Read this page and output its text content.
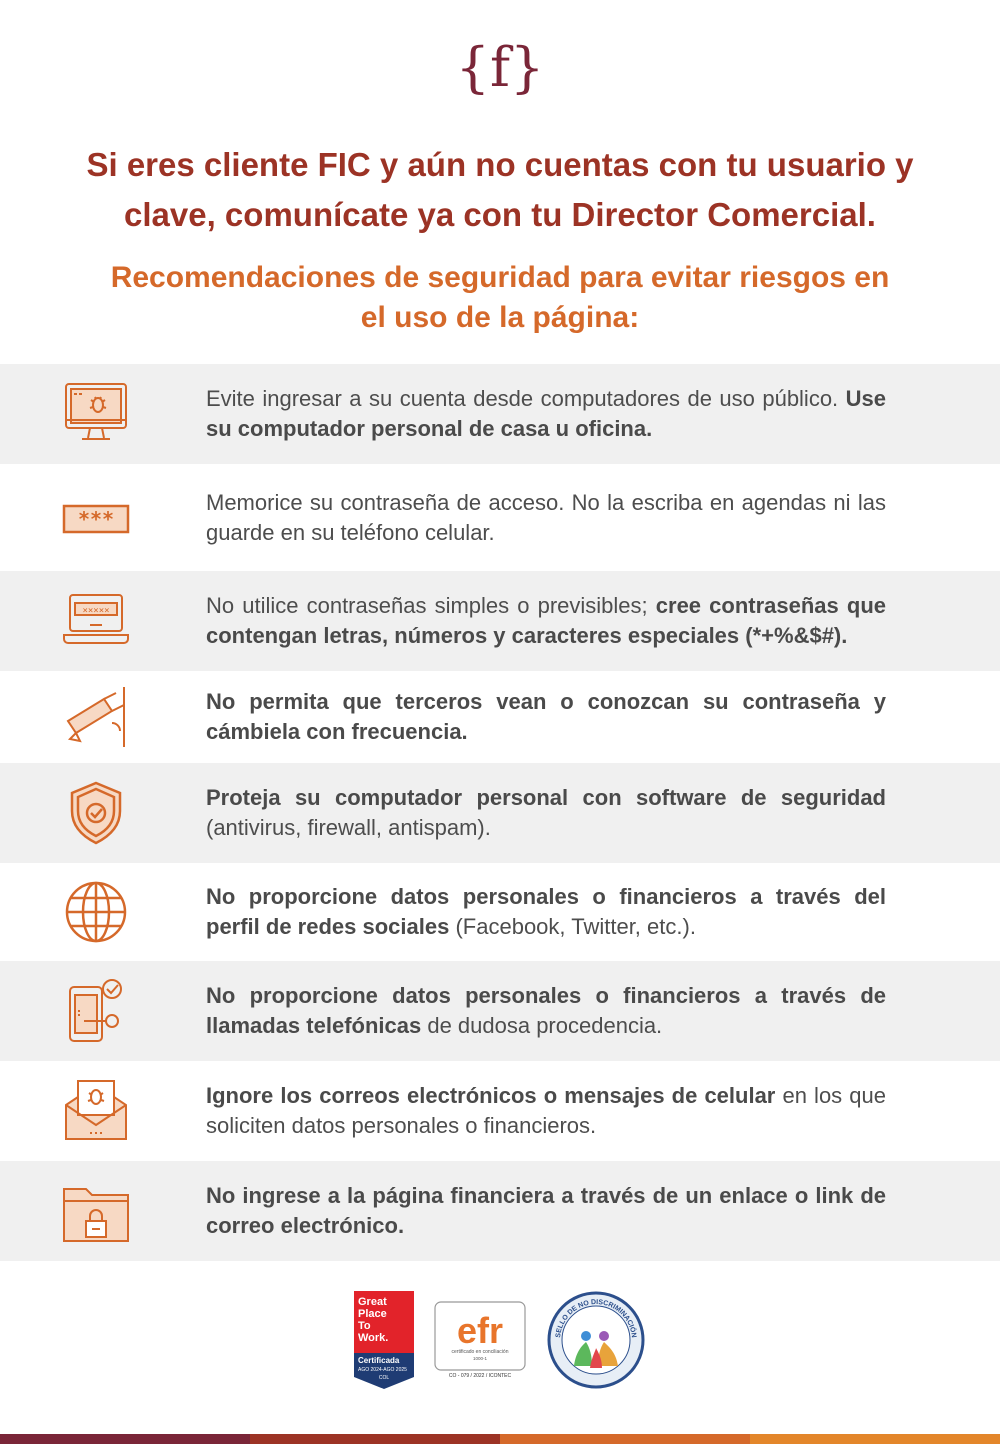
{f}
Si eres cliente FIC y aún no cuentas con tu usuario y clave, comunícate ya con tu Director Comercial.
Recomendaciones de seguridad para evitar riesgos en el uso de la página:
Evite ingresar a su cuenta desde computadores de uso público. Use su computador personal de casa u oficina.
***
Memorice su contraseña de acceso. No la escriba en agendas ni las guarde en su teléfono celular.
×××××	No utilice contraseñas simples o previsibles; cree contraseñas que contengan letras, números y caracteres especiales (*+%&$#).
No permita que terceros vean o conozcan su contraseña y cámbiela con frecuencia.
Proteja su computador personal con software de seguridad (antivirus, firewall, antispam).
No proporcione datos personales o financieros a través del perfil de redes sociales (Facebook, Twitter, etc.).
No proporcione datos personales o financieros a través de llamadas telefónicas de dudosa procedencia.
Ignore los correos electrónicos o mensajes de celular en los que soliciten datos personales o financieros.
No ingrese a la página financiera a través de un enlace o link de correo electrónico.
Great
Place
To
Work.
Certificada
AGO 2024-AGO 2025
COL
efr
certificado en conciliación
1000-1
CO - 079 / 2022 / ICONTEC
SELLO DE NO DISCRIMINACIÓN
